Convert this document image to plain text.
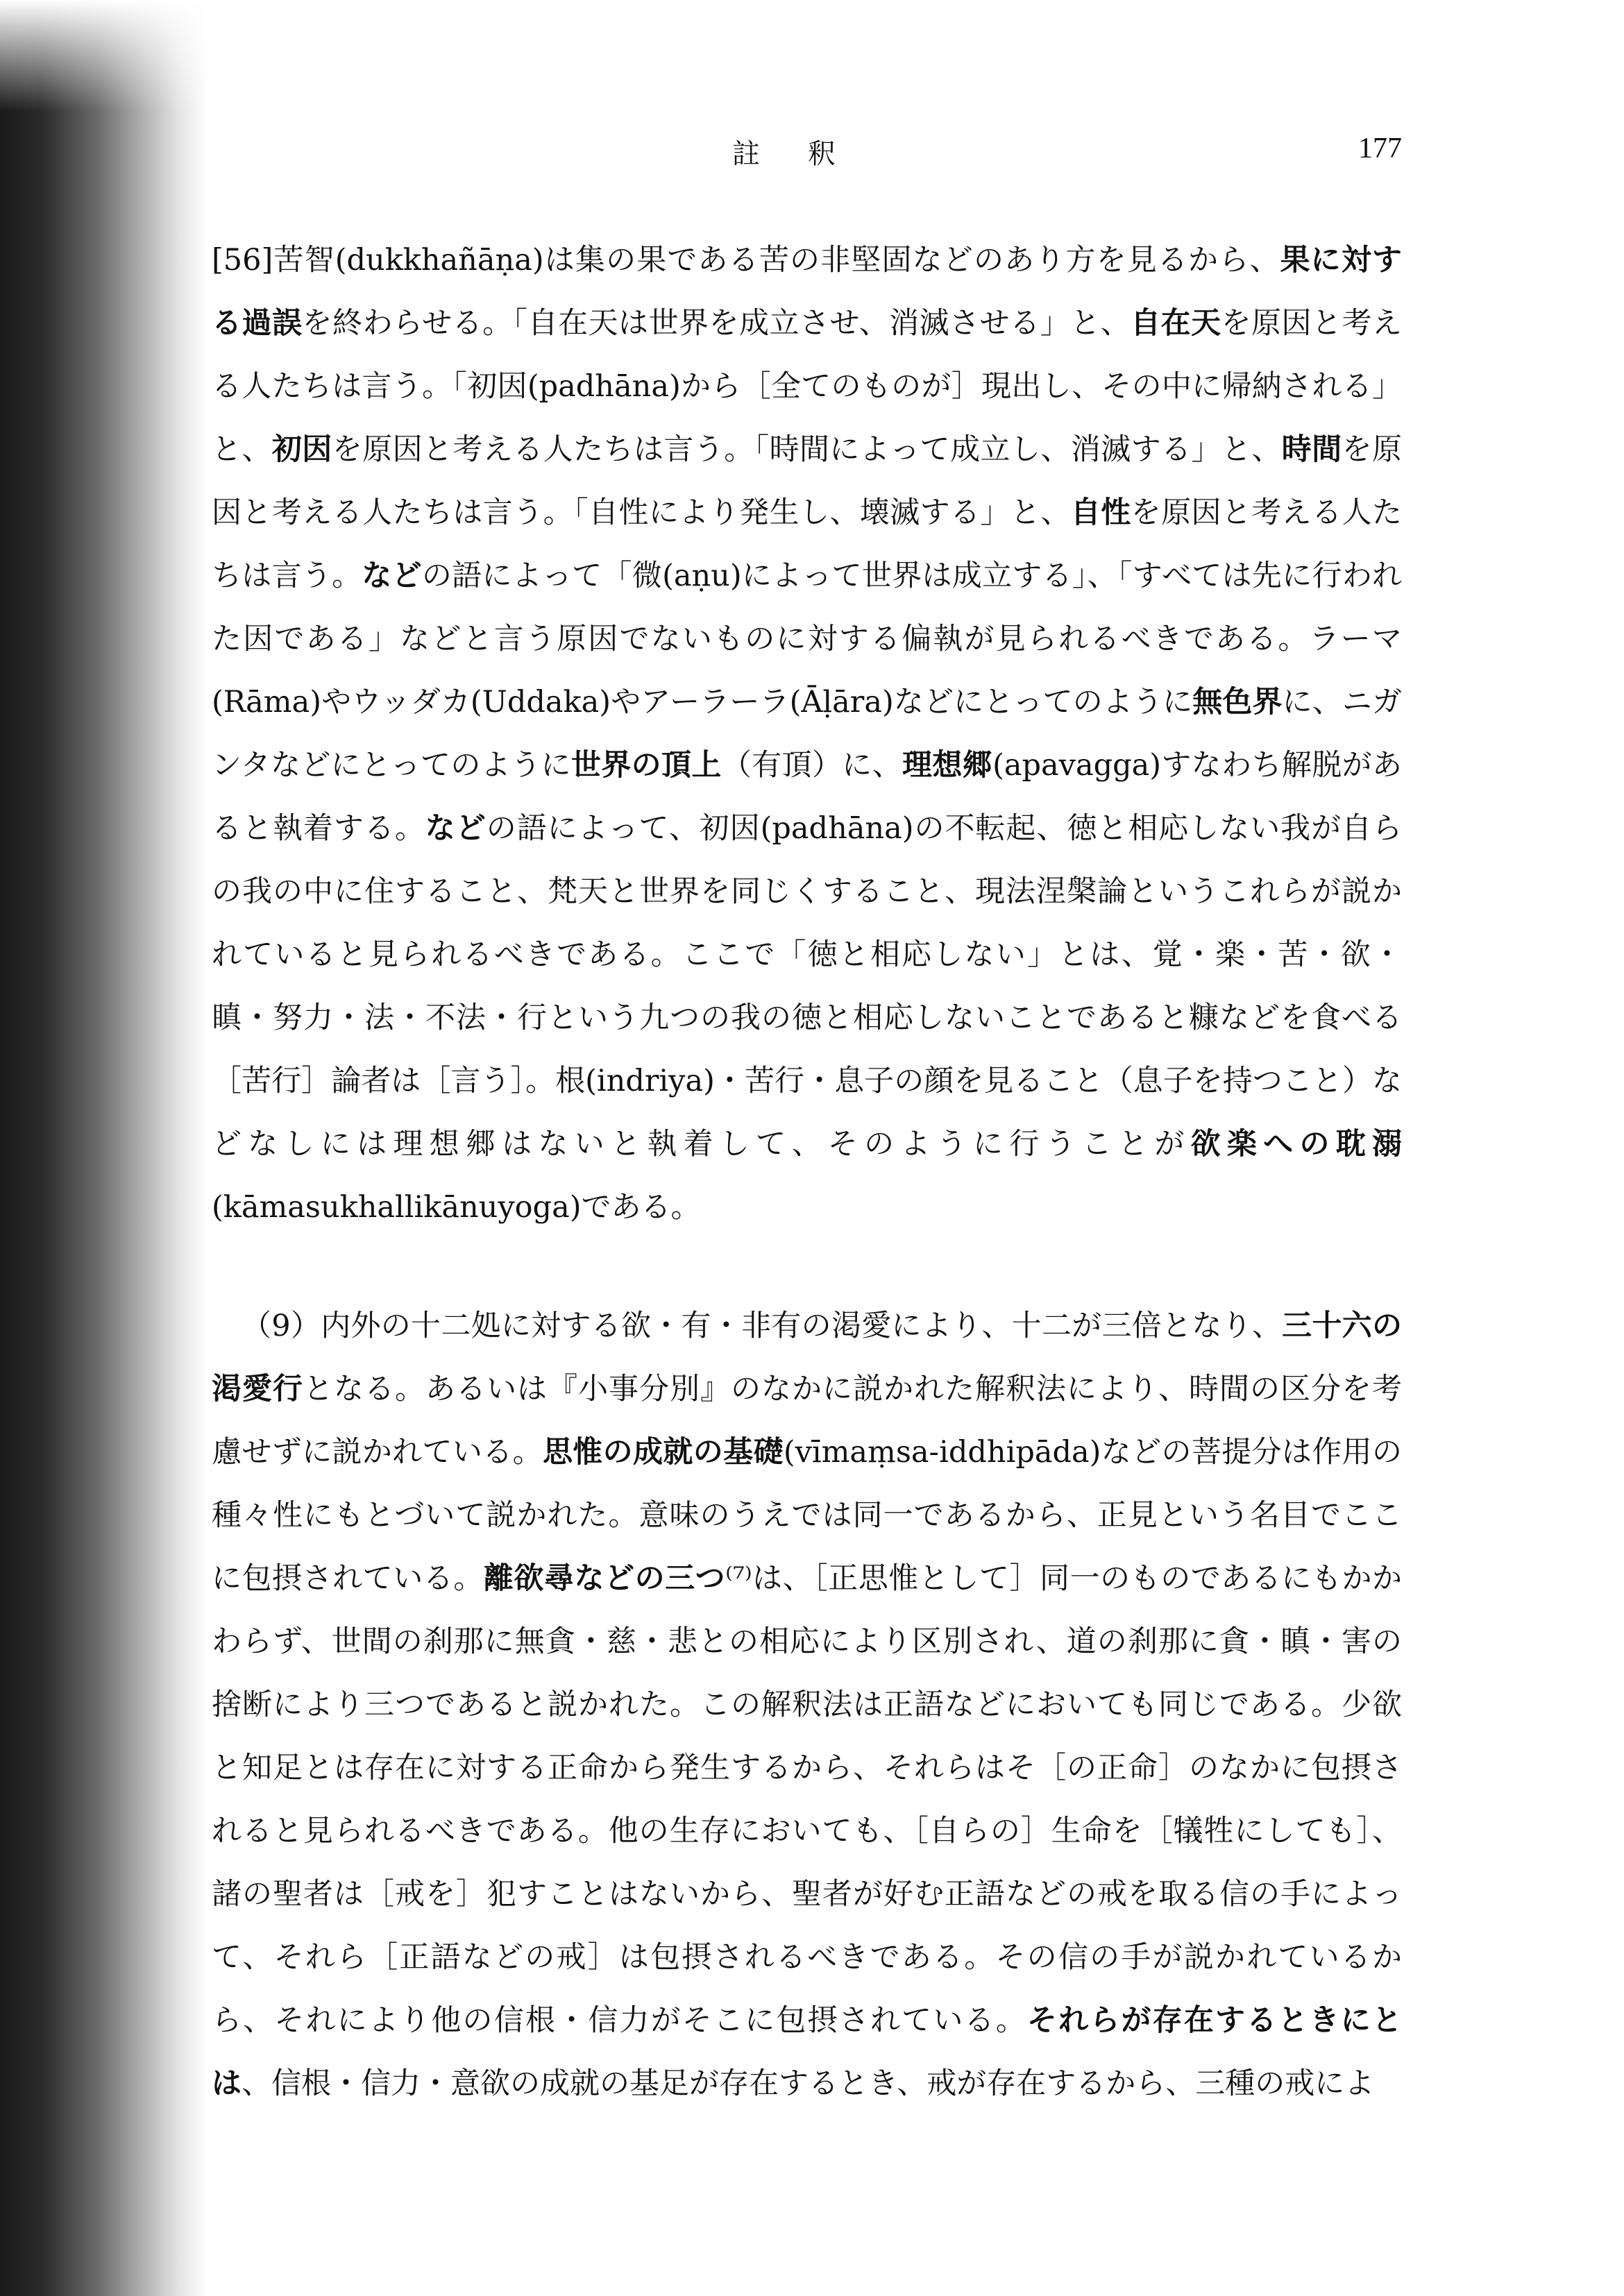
註 釈	177

[56]苦智(dukkhañāṇa)は集の果である苦の非堅固などのあり方を見るから、果に対する過誤を終わらせる。「自在天は世界を成立させ、消滅させる」と、自在天を原因と考える人たちは言う。「初因(padhāna)から［全てのものが］現出し、その中に帰納される」と、初因を原因と考える人たちは言う。「時間によって成立し、消滅する」と、時間を原因と考える人たちは言う。「自性により発生し、壊滅する」と、自性を原因と考える人たちは言う。などの語によって「微(aṇu)によって世界は成立する」、「すべては先に行われた因である」などと言う原因でないものに対する偏執が見られるべきである。ラーマ(Rāma)やウッダカ(Uddaka)やアーラーラ(Āḷāra)などにとってのように無色界に、ニガンタなどにとってのように世界の頂上（有頂）に、理想郷(apavagga)すなわち解脱があると執着する。などの語によって、初因(padhāna)の不転起、徳と相応しない我が自らの我の中に住すること、梵天と世界を同じくすること、現法涅槃論というこれらが説かれていると見られるべきである。ここで「徳と相応しない」とは、覚・楽・苦・欲・瞋・努力・法・不法・行という九つの我の徳と相応しないことであると糠などを食べる［苦行］論者は［言う］。根(indriya)・苦行・息子の顔を見ること（息子を持つこと）などなしには理想郷はないと執着して、そのように行うことが欲楽への耽溺(kāmasukhallikānuyoga)である。

（9）内外の十二処に対する欲・有・非有の渇愛により、十二が三倍となり、三十六の渇愛行となる。あるいは『小事分別』のなかに説かれた解釈法により、時間の区分を考慮せずに説かれている。思惟の成就の基礎(vīmaṃsa-iddhipāda)などの菩提分は作用の種々性にもとづいて説かれた。意味のうえでは同一であるから、正見という名目でここに包摂されている。離欲尋などの三つ⁽⁷⁾は、［正思惟として］同一のものであるにもかかわらず、世間の刹那に無貪・慈・悲との相応により区別され、道の刹那に貪・瞋・害の捨断により三つであると説かれた。この解釈法は正語などにおいても同じである。少欲と知足とは存在に対する正命から発生するから、それらはそ［の正命］のなかに包摂されると見られるべきである。他の生存においても、［自らの］生命を［犠牲にしても］、諸の聖者は［戒を］犯すことはないから、聖者が好む正語などの戒を取る信の手によって、それら［正語などの戒］は包摂されるべきである。その信の手が説かれているから、それにより他の信根・信力がそこに包摂されている。それらが存在するときにとは、信根・信力・意欲の成就の基足が存在するとき、戒が存在するから、三種の戒によ
